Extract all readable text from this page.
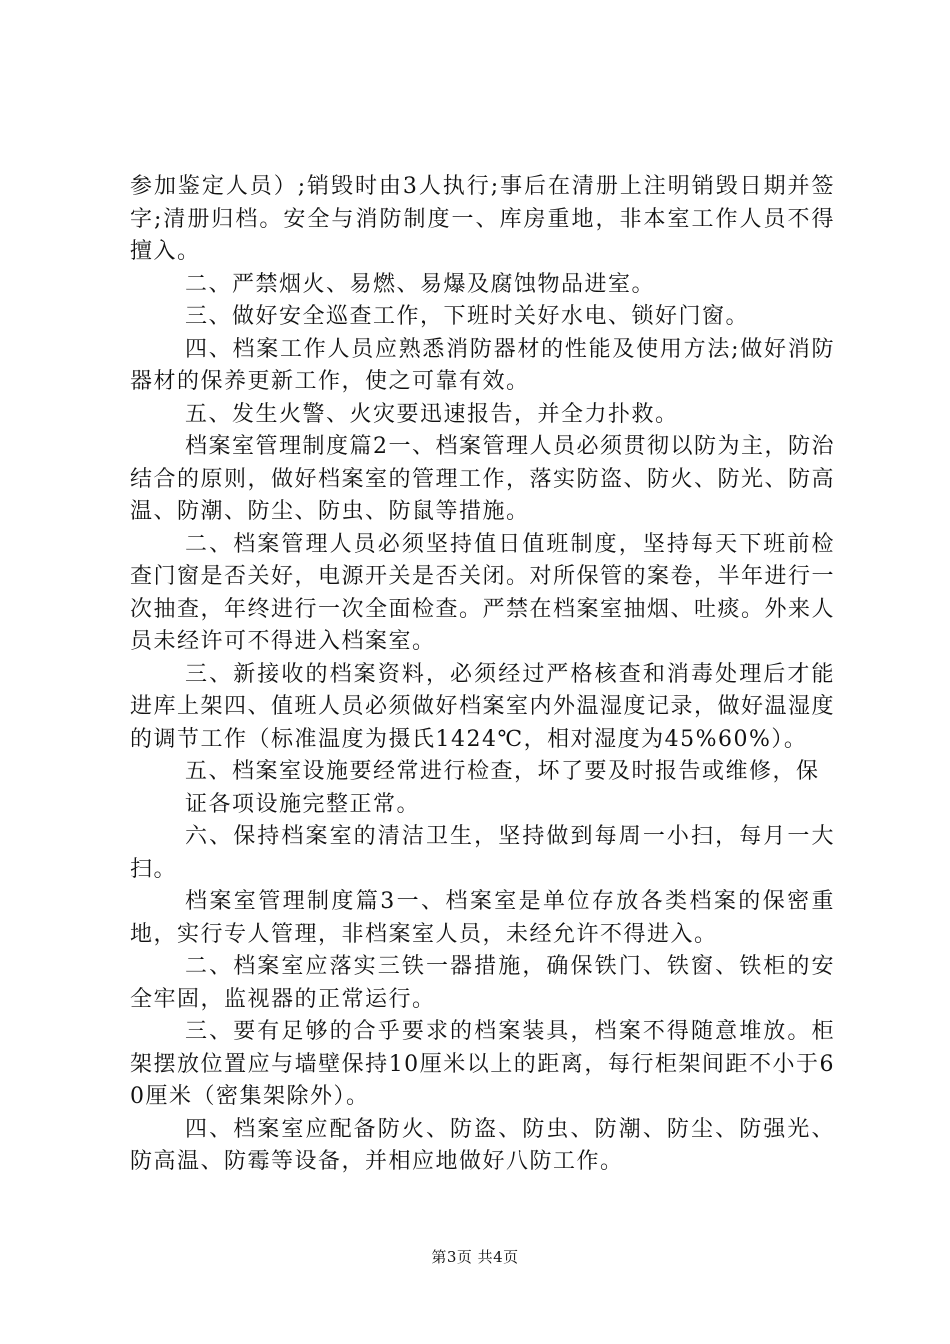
参加鉴定人员）;销毁时由3人执行;事后在清册上注明销毁日期并签字;清册归档。安全与消防制度一、库房重地，非本室工作人员不得擅入。

二、严禁烟火、易燃、易爆及腐蚀物品进室。

三、做好安全巡查工作，下班时关好水电、锁好门窗。

四、档案工作人员应熟悉消防器材的性能及使用方法;做好消防器材的保养更新工作，使之可靠有效。

五、发生火警、火灾要迅速报告，并全力扑救。

档案室管理制度篇2一、档案管理人员必须贯彻以防为主，防治结合的原则，做好档案室的管理工作，落实防盗、防火、防光、防高温、防潮、防尘、防虫、防鼠等措施。

二、档案管理人员必须坚持值日值班制度，坚持每天下班前检查门窗是否关好，电源开关是否关闭。对所保管的案卷，半年进行一次抽查，年终进行一次全面检查。严禁在档案室抽烟、吐痰。外来人员未经许可不得进入档案室。

三、新接收的档案资料，必须经过严格核查和消毒处理后才能进库上架四、值班人员必须做好档案室内外温湿度记录，做好温湿度的调节工作（标准温度为摄氏1424℃，相对湿度为45%60%）。

五、档案室设施要经常进行检查，坏了要及时报告或维修，保

证各项设施完整正常。

六、保持档案室的清洁卫生，坚持做到每周一小扫，每月一大扫。

档案室管理制度篇3一、档案室是单位存放各类档案的保密重地，实行专人管理，非档案室人员，未经允许不得进入。

二、档案室应落实三铁一器措施，确保铁门、铁窗、铁柜的安全牢固，监视器的正常运行。

三、要有足够的合乎要求的档案装具，档案不得随意堆放。柜架摆放位置应与墙壁保持10厘米以上的距离，每行柜架间距不小于60厘米（密集架除外）。

四、档案室应配备防火、防盗、防虫、防潮、防尘、防强光、防高温、防霉等设备，并相应地做好八防工作。

第3页 共4页
